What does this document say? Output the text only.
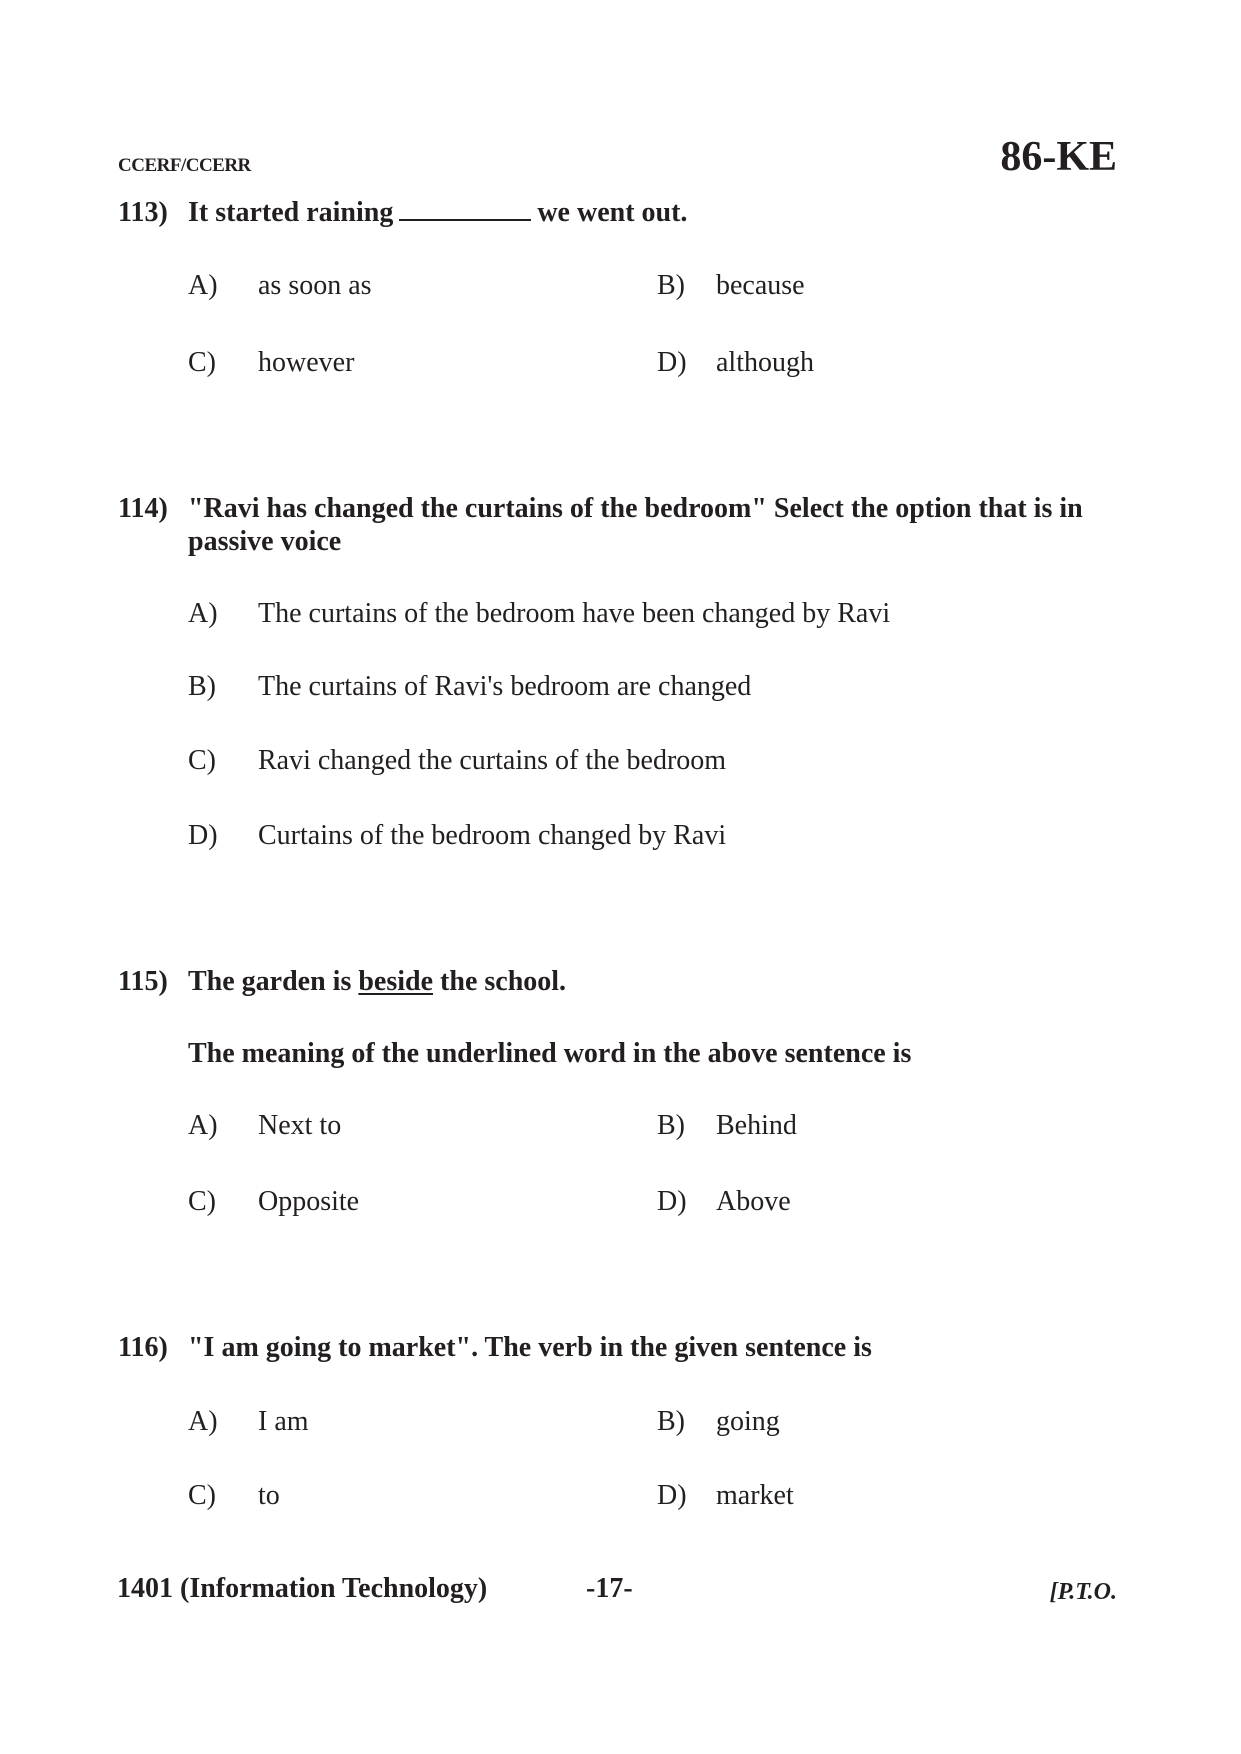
CCERF/CCERR	86-KE
113) It started raining	we went out.
A) as soon as	B) because
C) however	D) although
114) "Ravi has changed the curtains of the bedroom" Select the option that is in
passive voice
A) The curtains of the bedroom have been changed by Ravi
B) The curtains of Ravi's bedroom are changed
C) Ravi changed the curtains of the bedroom
D) Curtains of the bedroom changed by Ravi
115) The garden is beside the school.
The meaning of the underlined word in the above sentence is
A) Next to	B) Behind
C) Opposite	D) Above
116) "I am going to market". The verb in the given sentence is
A) I am	B) going
C) to	D) market
1401 (Information Technology)	-17-	[P.T.O.
